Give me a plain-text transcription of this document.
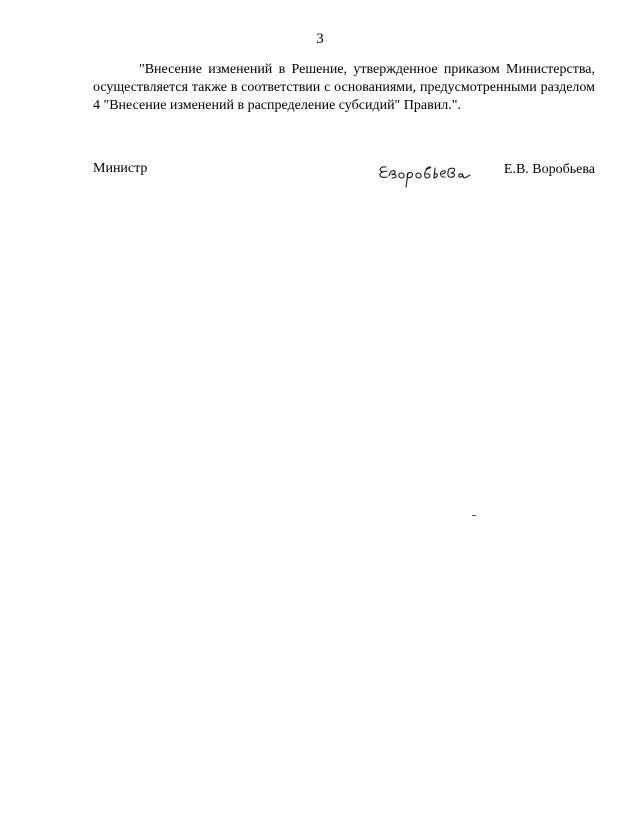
3
"Внесение изменений в Решение, утвержденное приказом Министерства, осуществляется также в соответствии с основаниями, предусмотренными разделом 4 "Внесение изменений в распределение субсидий" Правил.".
Министр	Е.В. Воробьева
